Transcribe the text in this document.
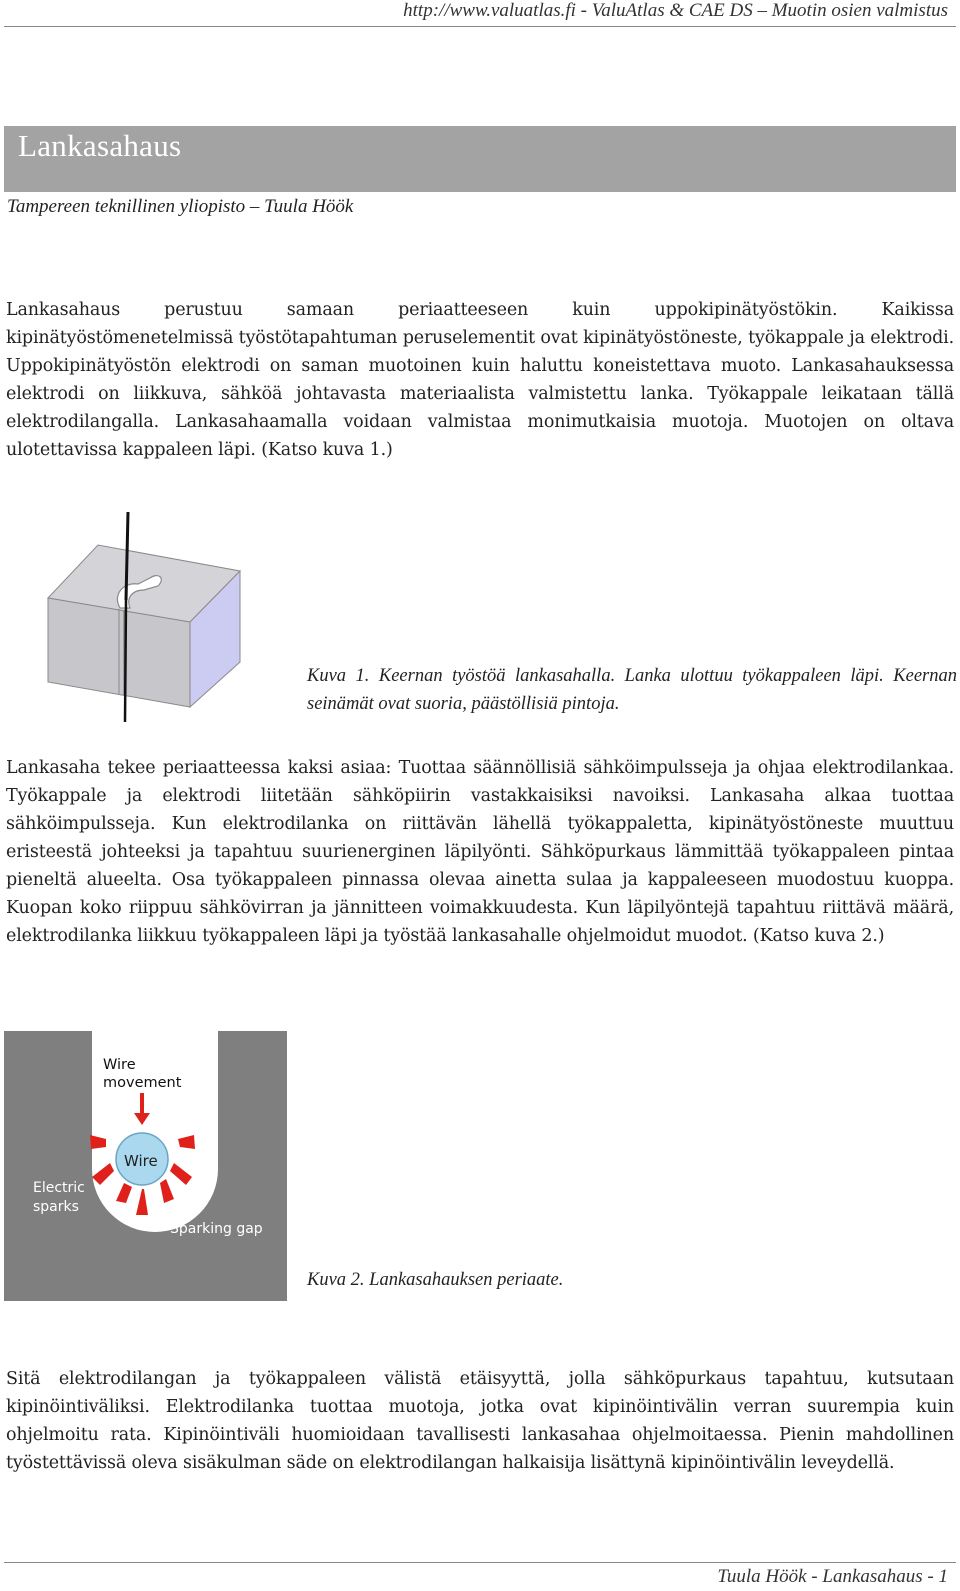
http://www.valuatlas.fi - ValuAtlas & CAE DS – Muotin osien valmistus
Lankasahaus
Tampereen teknillinen yliopisto – Tuula Höök
Lankasahaus perustuu samaan periaatteeseen kuin uppokipinätyöstökin. Kaikissa kipinätyöstömenetelmissä työstötapahtuman peruselementit ovat kipinätyöstöneste, työkappale ja elektrodi. Uppokipinätyöstön elektrodi on saman muotoinen kuin haluttu koneistettava muoto. Lankasahauksessa elektrodi on liikkuva, sähköä johtavasta materiaalista valmistettu lanka. Työkappale leikataan tällä elektrodilangalla. Lankasahaamalla voidaan valmistaa monimutkaisia muotoja. Muotojen on oltava ulotettavissa kappaleen läpi. (Katso kuva 1.)
Kuva 1. Keernan työstöä lankasahalla. Lanka ulottuu työkappaleen läpi. Keernan seinämät ovat suoria, päästöllisiä pintoja.
Lankasaha tekee periaatteessa kaksi asiaa: Tuottaa säännöllisiä sähköimpulsseja ja ohjaa elektrodilankaa. Työkappale ja elektrodi liitetään sähköpiirin vastakkaisiksi navoiksi. Lankasaha alkaa tuottaa sähköimpulsseja. Kun elektrodilanka on riittävän lähellä työkappaletta, kipinätyöstöneste muuttuu eristeestä johteeksi ja tapahtuu suurienerginen läpilyönti. Sähköpurkaus lämmittää työkappaleen pintaa pieneltä alueelta. Osa työkappaleen pinnassa olevaa ainetta sulaa ja kappaleeseen muodostuu kuoppa. Kuopan koko riippuu sähkövirran ja jännitteen voimakkuudesta. Kun läpilyöntejä tapahtuu riittävä määrä, elektrodilanka liikkuu työkappaleen läpi ja työstää lankasahalle ohjelmoidut muodot. (Katso kuva 2.)
Wire
movement
Wire
Electric
sparks
Sparking gap
Kuva 2. Lankasahauksen periaate.
Sitä elektrodilangan ja työkappaleen välistä etäisyyttä, jolla sähköpurkaus tapahtuu, kutsutaan kipinöintiväliksi. Elektrodilanka tuottaa muotoja, jotka ovat kipinöintivälin verran suurempia kuin ohjelmoitu rata. Kipinöintiväli huomioidaan tavallisesti lankasahaa ohjelmoitaessa. Pienin mahdollinen työstettävissä oleva sisäkulman säde on elektrodilangan halkaisija lisättynä kipinöintivälin leveydellä.
Tuula Höök - Lankasahaus - 1
